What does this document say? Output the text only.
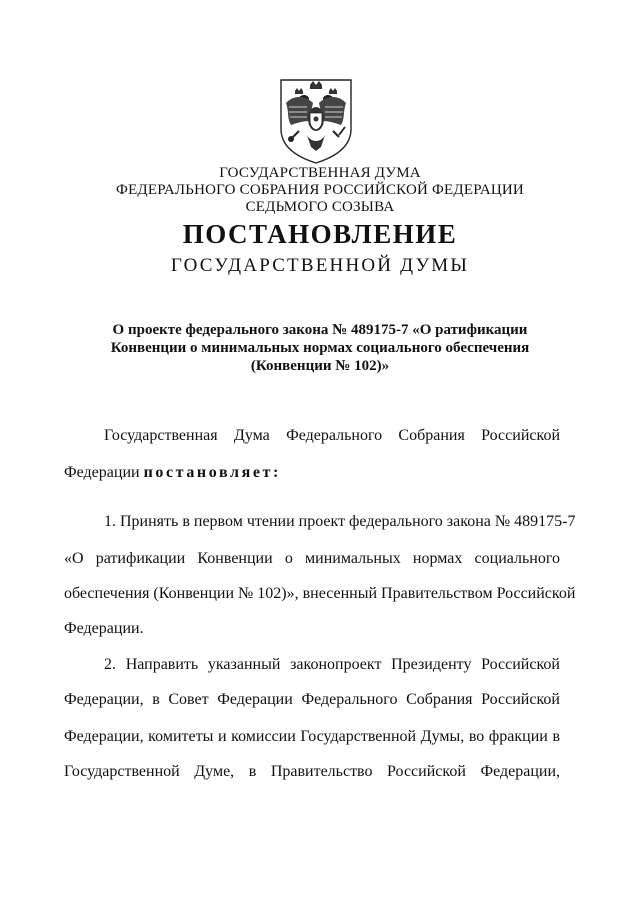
ГОСУДАРСТВЕННАЯ ДУМА
ФЕДЕРАЛЬНОГО СОБРАНИЯ РОССИЙСКОЙ ФЕДЕРАЦИИ
СЕДЬМОГО СОЗЫВА
ПОСТАНОВЛЕНИЕ
ГОСУДАРСТВЕННОЙ ДУМЫ
О проекте федерального закона № 489175-7 «О ратификации
Конвенции о минимальных нормах социального обеспечения
(Конвенции № 102)»
Государственная Дума Федерального Собрания Российской
Федерации постановляет:
1. Принять в первом чтении проект федерального закона № 489175-7
«О ратификации Конвенции о минимальных нормах социального
обеспечения (Конвенции № 102)», внесенный Правительством Российской
Федерации.
2. Направить указанный законопроект Президенту Российской
Федерации, в Совет Федерации Федерального Собрания Российской
Федерации, комитеты и комиссии Государственной Думы, во фракции в
Государственной Думе, в Правительство Российской Федерации,
